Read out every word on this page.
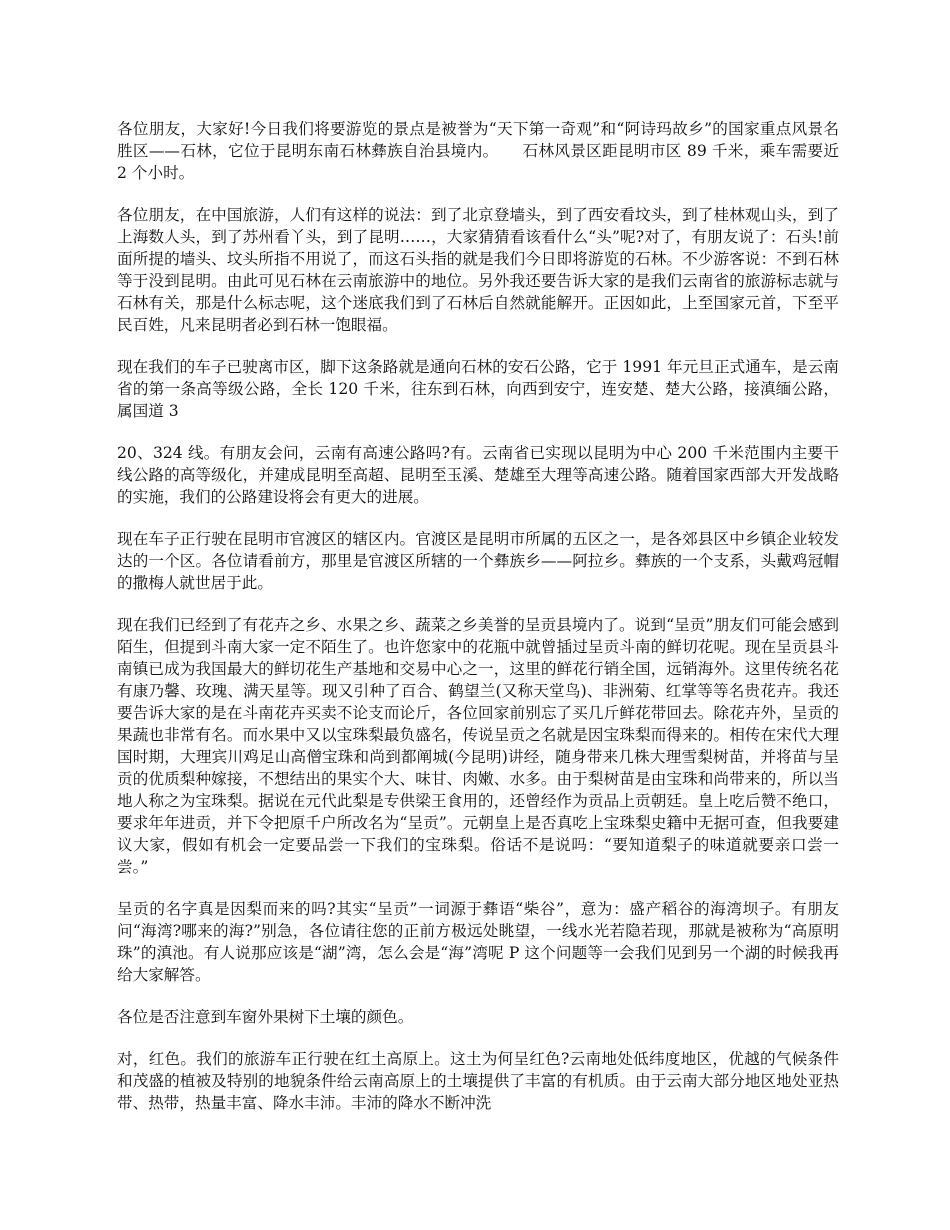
各位朋友，大家好!今日我们将要游览的景点是被誉为“天下第一奇观”和“阿诗玛故乡”的国家重点风景名胜区——石林，它位于昆明东南石林彝族自治县境内。　　石林风景区距昆明市区 89 千米，乘车需要近 2 个小时。

各位朋友，在中国旅游，人们有这样的说法：到了北京登墙头，到了西安看坟头，到了桂林观山头，到了上海数人头，到了苏州看丫头，到了昆明……，大家猜猜看该看什么“头”呢?对了，有朋友说了：石头!前面所提的墙头、坟头所指不用说了，而这石头指的就是我们今日即将游览的石林。不少游客说：不到石林等于没到昆明。由此可见石林在云南旅游中的地位。另外我还要告诉大家的是我们云南省的旅游标志就与石林有关，那是什么标志呢，这个迷底我们到了石林后自然就能解开。正因如此，上至国家元首，下至平民百姓，凡来昆明者必到石林一饱眼福。

现在我们的车子已驶离市区，脚下这条路就是通向石林的安石公路，它于 1991 年元旦正式通车，是云南省的第一条高等级公路，全长 120 千米，往东到石林，向西到安宁，连安楚、楚大公路，接滇缅公路，属国道 3

20、324 线。有朋友会问，云南有高速公路吗?有。云南省已实现以昆明为中心 200 千米范围内主要干线公路的高等级化，并建成昆明至高超、昆明至玉溪、楚雄至大理等高速公路。随着国家西部大开发战略的实施，我们的公路建设将会有更大的进展。

现在车子正行驶在昆明市官渡区的辖区内。官渡区是昆明市所属的五区之一，是各郊县区中乡镇企业较发达的一个区。各位请看前方，那里是官渡区所辖的一个彝族乡——阿拉乡。彝族的一个支系，头戴鸡冠帽的撒梅人就世居于此。

现在我们已经到了有花卉之乡、水果之乡、蔬菜之乡美誉的呈贡县境内了。说到“呈贡”朋友们可能会感到陌生，但提到斗南大家一定不陌生了。也许您家中的花瓶中就曾插过呈贡斗南的鲜切花呢。现在呈贡县斗南镇已成为我国最大的鲜切花生产基地和交易中心之一，这里的鲜花行销全国，远销海外。这里传统名花有康乃馨、玫瑰、满天星等。现又引种了百合、鹤望兰(又称天堂鸟)、非洲菊、红掌等等名贵花卉。我还要告诉大家的是在斗南花卉买卖不论支而论斤，各位回家前别忘了买几斤鲜花带回去。除花卉外，呈贡的果蔬也非常有名。而水果中又以宝珠梨最负盛名，传说呈贡之名就是因宝珠梨而得来的。相传在宋代大理国时期，大理宾川鸡足山高僧宝珠和尚到都阐城(今昆明)讲经，随身带来几株大理雪梨树苗，并将苗与呈贡的优质梨种嫁接，不想结出的果实个大、味甘、肉嫩、水多。由于梨树苗是由宝珠和尚带来的，所以当地人称之为宝珠梨。据说在元代此梨是专供梁王食用的，还曾经作为贡品上贡朝廷。皇上吃后赞不绝口，要求年年进贡，并下令把原千户所改名为“呈贡”。元朝皇上是否真吃上宝珠梨史籍中无据可查，但我要建议大家，假如有机会一定要品尝一下我们的宝珠梨。俗话不是说吗：“要知道梨子的味道就要亲口尝一尝。”

呈贡的名字真是因梨而来的吗?其实“呈贡”一词源于彝语“柴谷”，意为：盛产稻谷的海湾坝子。有朋友问“海湾?哪来的海?”别急，各位请往您的正前方极远处眺望，一线水光若隐若现，那就是被称为“高原明珠”的滇池。有人说那应该是“湖”湾，怎么会是“海”湾呢 P 这个问题等一会我们见到另一个湖的时候我再给大家解答。

各位是否注意到车窗外果树下土壤的颜色。

对，红色。我们的旅游车正行驶在红土高原上。这土为何呈红色?云南地处低纬度地区，优越的气候条件和茂盛的植被及特别的地貌条件给云南高原上的土壤提供了丰富的有机质。由于云南大部分地区地处亚热带、热带，热量丰富、降水丰沛。丰沛的降水不断冲洗
